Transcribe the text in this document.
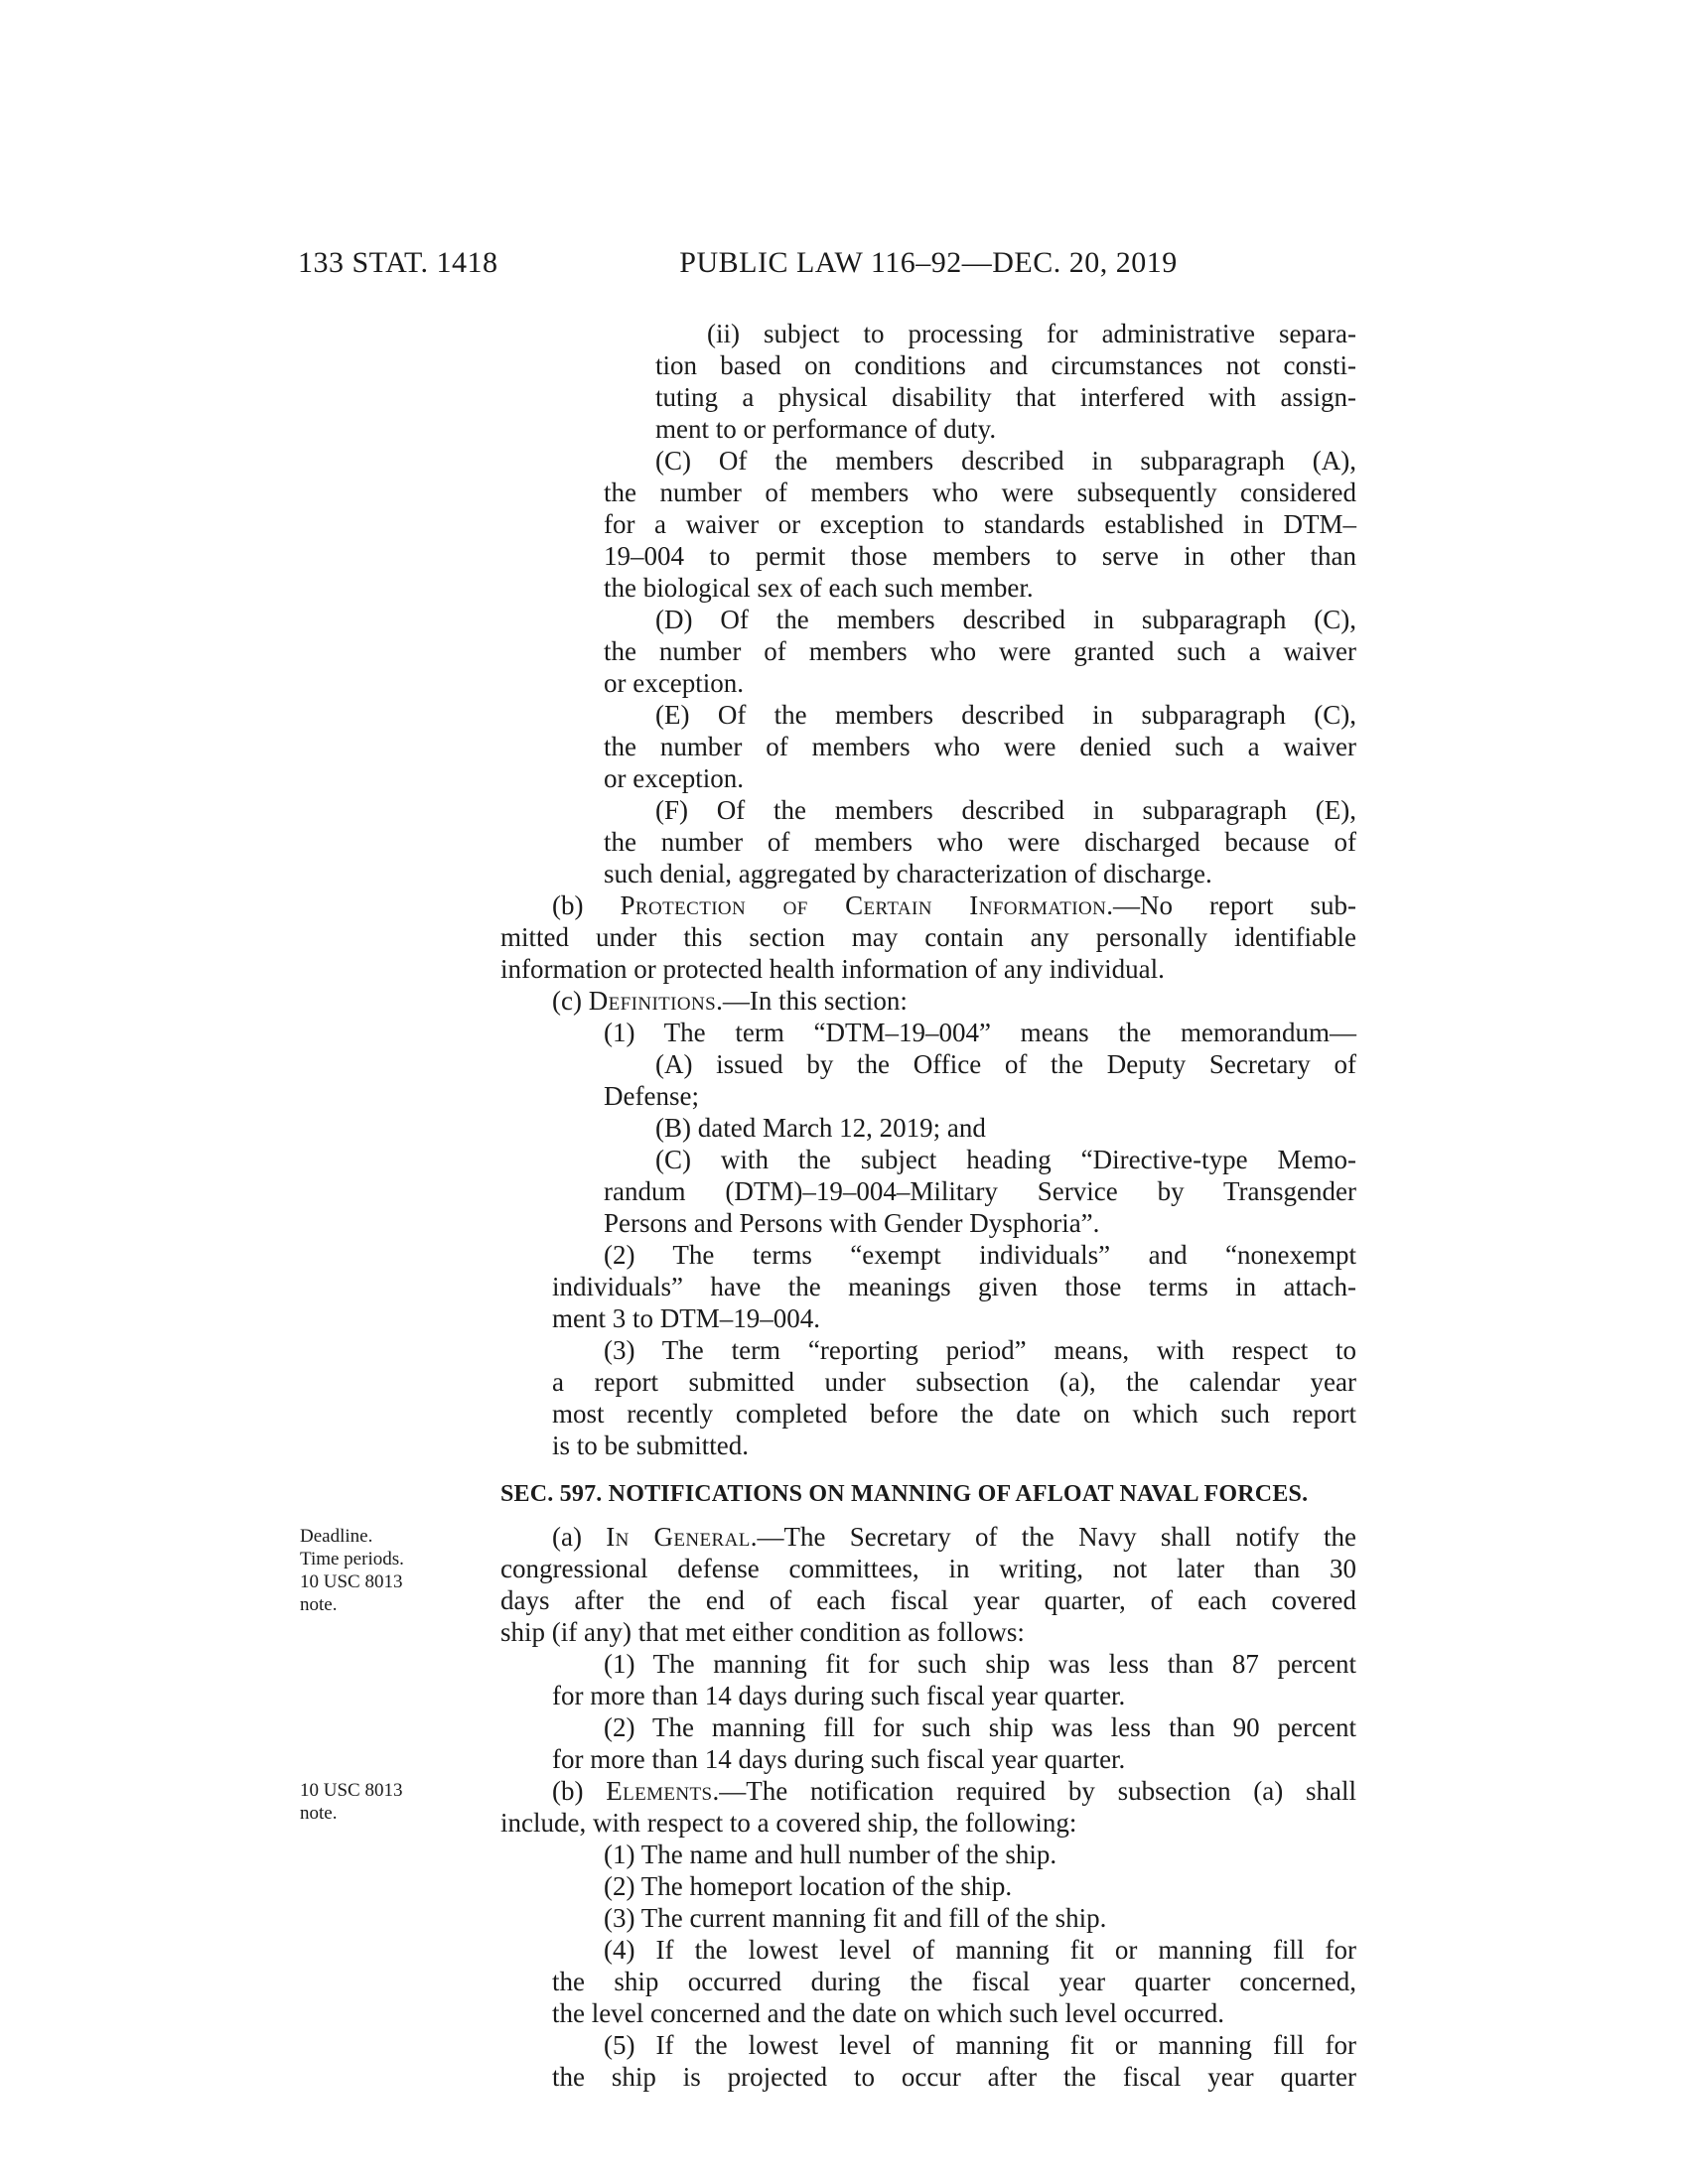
133 STAT. 1418	PUBLIC LAW 116–92—DEC. 20, 2019
(ii) subject to processing for administrative separa-
tion based on conditions and circumstances not consti-
tuting a physical disability that interfered with assign-
ment to or performance of duty.
(C) Of the members described in subparagraph (A),
the number of members who were subsequently considered
for a waiver or exception to standards established in DTM–
19–004 to permit those members to serve in other than
the biological sex of each such member.
(D) Of the members described in subparagraph (C),
the number of members who were granted such a waiver
or exception.
(E) Of the members described in subparagraph (C),
the number of members who were denied such a waiver
or exception.
(F) Of the members described in subparagraph (E),
the number of members who were discharged because of
such denial, aggregated by characterization of discharge.
(b) Protection of Certain Information.—No report sub-
mitted under this section may contain any personally identifiable
information or protected health information of any individual.
(c) Definitions.—In this section:
(1) The term “DTM–19–004” means the memorandum—
(A) issued by the Office of the Deputy Secretary of
Defense;
(B) dated March 12, 2019; and
(C) with the subject heading “Directive-type Memo-
randum (DTM)–19–004–Military Service by Transgender
Persons and Persons with Gender Dysphoria”.
(2) The terms “exempt individuals” and “nonexempt
individuals” have the meanings given those terms in attach-
ment 3 to DTM–19–004.
(3) The term “reporting period” means, with respect to
a report submitted under subsection (a), the calendar year
most recently completed before the date on which such report
is to be submitted.
SEC. 597. NOTIFICATIONS ON MANNING OF AFLOAT NAVAL FORCES.
(a) In General.—The Secretary of the Navy shall notify the
congressional defense committees, in writing, not later than 30
days after the end of each fiscal year quarter, of each covered
ship (if any) that met either condition as follows:
(1) The manning fit for such ship was less than 87 percent
for more than 14 days during such fiscal year quarter.
(2) The manning fill for such ship was less than 90 percent
for more than 14 days during such fiscal year quarter.
(b) Elements.—The notification required by subsection (a) shall
include, with respect to a covered ship, the following:
(1) The name and hull number of the ship.
(2) The homeport location of the ship.
(3) The current manning fit and fill of the ship.
(4) If the lowest level of manning fit or manning fill for
the ship occurred during the fiscal year quarter concerned,
the level concerned and the date on which such level occurred.
(5) If the lowest level of manning fit or manning fill for
the ship is projected to occur after the fiscal year quarter
Deadline.
Time periods.
10 USC 8013
note.
10 USC 8013
note.
